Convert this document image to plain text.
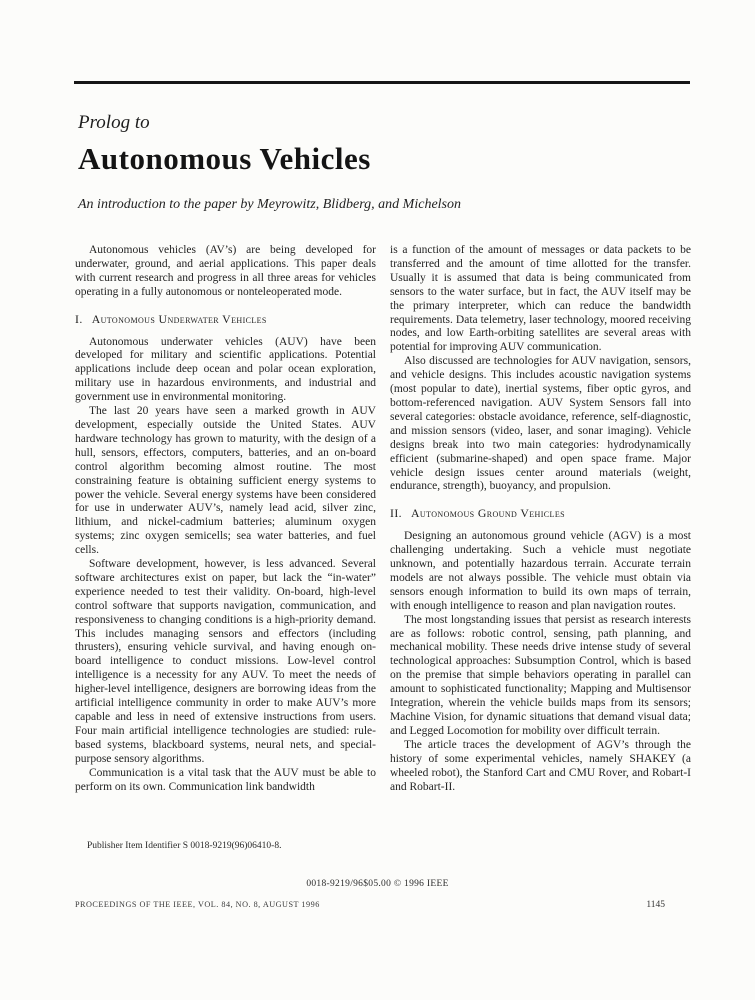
Prolog to
Autonomous Vehicles
An introduction to the paper by Meyrowitz, Blidberg, and Michelson

Autonomous vehicles (AV’s) are being developed for underwater, ground, and aerial applications. This paper deals with current research and progress in all three areas for vehicles operating in a fully autonomous or nonteleoperated mode.

I. Autonomous Underwater Vehicles

Autonomous underwater vehicles (AUV) have been developed for military and scientific applications. Potential applications include deep ocean and polar ocean exploration, military use in hazardous environments, and industrial and government use in environmental monitoring.

The last 20 years have seen a marked growth in AUV development, especially outside the United States. AUV hardware technology has grown to maturity, with the design of a hull, sensors, effectors, computers, batteries, and an on-board control algorithm becoming almost routine. The most constraining feature is obtaining sufficient energy systems to power the vehicle. Several energy systems have been considered for use in underwater AUV’s, namely lead acid, silver zinc, lithium, and nickel-cadmium batteries; aluminum oxygen systems; zinc oxygen semicells; sea water batteries, and fuel cells.

Software development, however, is less advanced. Several software architectures exist on paper, but lack the “in-water” experience needed to test their validity. On-board, high-level control software that supports navigation, communication, and responsiveness to changing conditions is a high-priority demand. This includes managing sensors and effectors (including thrusters), ensuring vehicle survival, and having enough on-board intelligence to conduct missions. Low-level control intelligence is a necessity for any AUV. To meet the needs of higher-level intelligence, designers are borrowing ideas from the artificial intelligence community in order to make AUV’s more capable and less in need of extensive instructions from users. Four main artificial intelligence technologies are studied: rule-based systems, blackboard systems, neural nets, and special-purpose sensory algorithms.

Communication is a vital task that the AUV must be able to perform on its own. Communication link bandwidth

Publisher Item Identifier S 0018-9219(96)06410-8.

is a function of the amount of messages or data packets to be transferred and the amount of time allotted for the transfer. Usually it is assumed that data is being communicated from sensors to the water surface, but in fact, the AUV itself may be the primary interpreter, which can reduce the bandwidth requirements. Data telemetry, laser technology, moored receiving nodes, and low Earth-orbiting satellites are several areas with potential for improving AUV communication.

Also discussed are technologies for AUV navigation, sensors, and vehicle designs. This includes acoustic navigation systems (most popular to date), inertial systems, fiber optic gyros, and bottom-referenced navigation. AUV System Sensors fall into several categories: obstacle avoidance, reference, self-diagnostic, and mission sensors (video, laser, and sonar imaging). Vehicle designs break into two main categories: hydrodynamically efficient (submarine-shaped) and open space frame. Major vehicle design issues center around materials (weight, endurance, strength), buoyancy, and propulsion.

II. Autonomous Ground Vehicles

Designing an autonomous ground vehicle (AGV) is a most challenging undertaking. Such a vehicle must negotiate unknown, and potentially hazardous terrain. Accurate terrain models are not always possible. The vehicle must obtain via sensors enough information to build its own maps of terrain, with enough intelligence to reason and plan navigation routes.

The most longstanding issues that persist as research interests are as follows: robotic control, sensing, path planning, and mechanical mobility. These needs drive intense study of several technological approaches: Subsumption Control, which is based on the premise that simple behaviors operating in parallel can amount to sophisticated functionality; Mapping and Multisensor Integration, wherein the vehicle builds maps from its sensors; Machine Vision, for dynamic situations that demand visual data; and Legged Locomotion for mobility over difficult terrain.

The article traces the development of AGV’s through the history of some experimental vehicles, namely SHAKEY (a wheeled robot), the Stanford Cart and CMU Rover, and Robart-I and Robart-II.

0018-9219/96$05.00 © 1996 IEEE
PROCEEDINGS OF THE IEEE, VOL. 84, NO. 8, AUGUST 1996	1145
